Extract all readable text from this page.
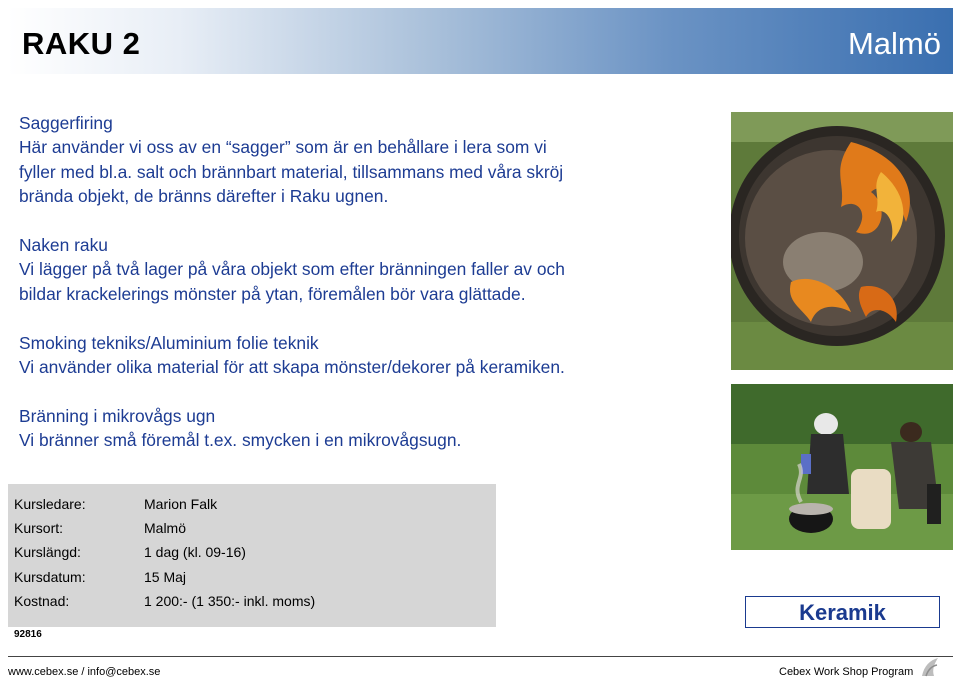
RAKU 2	Malmö
Saggerfiring
Här använder vi oss av en “sagger” som är en behållare i lera som vi
fyller med bl.a. salt och brännbart material, tillsammans med våra skröj
brända objekt, de bränns därefter i Raku ugnen.
Naken raku
Vi lägger på två lager på våra objekt som efter bränningen faller av och
bildar krackelerings mönster på ytan, föremålen bör vara glättade.
Smoking tekniks/Aluminium folie teknik
Vi använder olika material för att skapa mönster/dekorer på keramiken.
Bränning i mikrovågs ugn
Vi bränner små föremål t.ex. smycken i en mikrovågsugn.
Kursledare:	Marion Falk
Kursort:	Malmö
Kurslängd:	1 dag (kl. 09-16)
Kursdatum:	15 Maj
Kostnad:	1 200:- (1 350:- inkl. moms)
92816
Keramik
www.cebex.se / info@cebex.se	Cebex Work Shop Program
